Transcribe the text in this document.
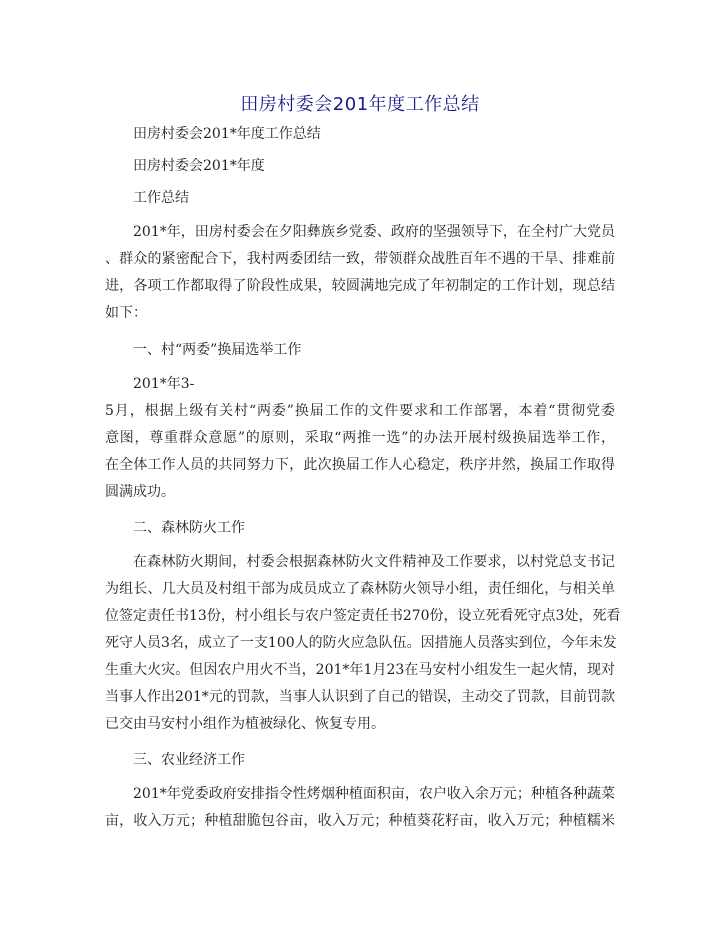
田房村委会201年度工作总结
田房村委会201*年度工作总结
田房村委会201*年度
工作总结
201*年，田房村委会在夕阳彝族乡党委、政府的坚强领导下，在全村广大党员
、群众的紧密配合下，我村两委团结一致，带领群众战胜百年不遇的干旱、排难前
进，各项工作都取得了阶段性成果，较圆满地完成了年初制定的工作计划，现总结
如下：
一、村“两委”换届选举工作
201*年3-
5月，根据上级有关村“两委”换届工作的文件要求和工作部署，本着“贯彻党委
意图，尊重群众意愿”的原则，采取“两推一选”的办法开展村级换届选举工作，
在全体工作人员的共同努力下，此次换届工作人心稳定，秩序井然，换届工作取得
圆满成功。
二、森林防火工作
在森林防火期间，村委会根据森林防火文件精神及工作要求，以村党总支书记
为组长、几大员及村组干部为成员成立了森林防火领导小组，责任细化，与相关单
位签定责任书13份，村小组长与农户签定责任书270份，设立死看死守点3处，死看
死守人员3名，成立了一支100人的防火应急队伍。因措施人员落实到位，今年未发
生重大火灾。但因农户用火不当，201*年1月23在马安村小组发生一起火情，现对
当事人作出201*元的罚款，当事人认识到了自己的错误，主动交了罚款，目前罚款
已交由马安村小组作为植被绿化、恢复专用。
三、农业经济工作
201*年党委政府安排指令性烤烟种植面积亩，农户收入余万元；种植各种蔬菜
亩，收入万元；种植甜脆包谷亩，收入万元；种植葵花籽亩，收入万元；种植糯米
